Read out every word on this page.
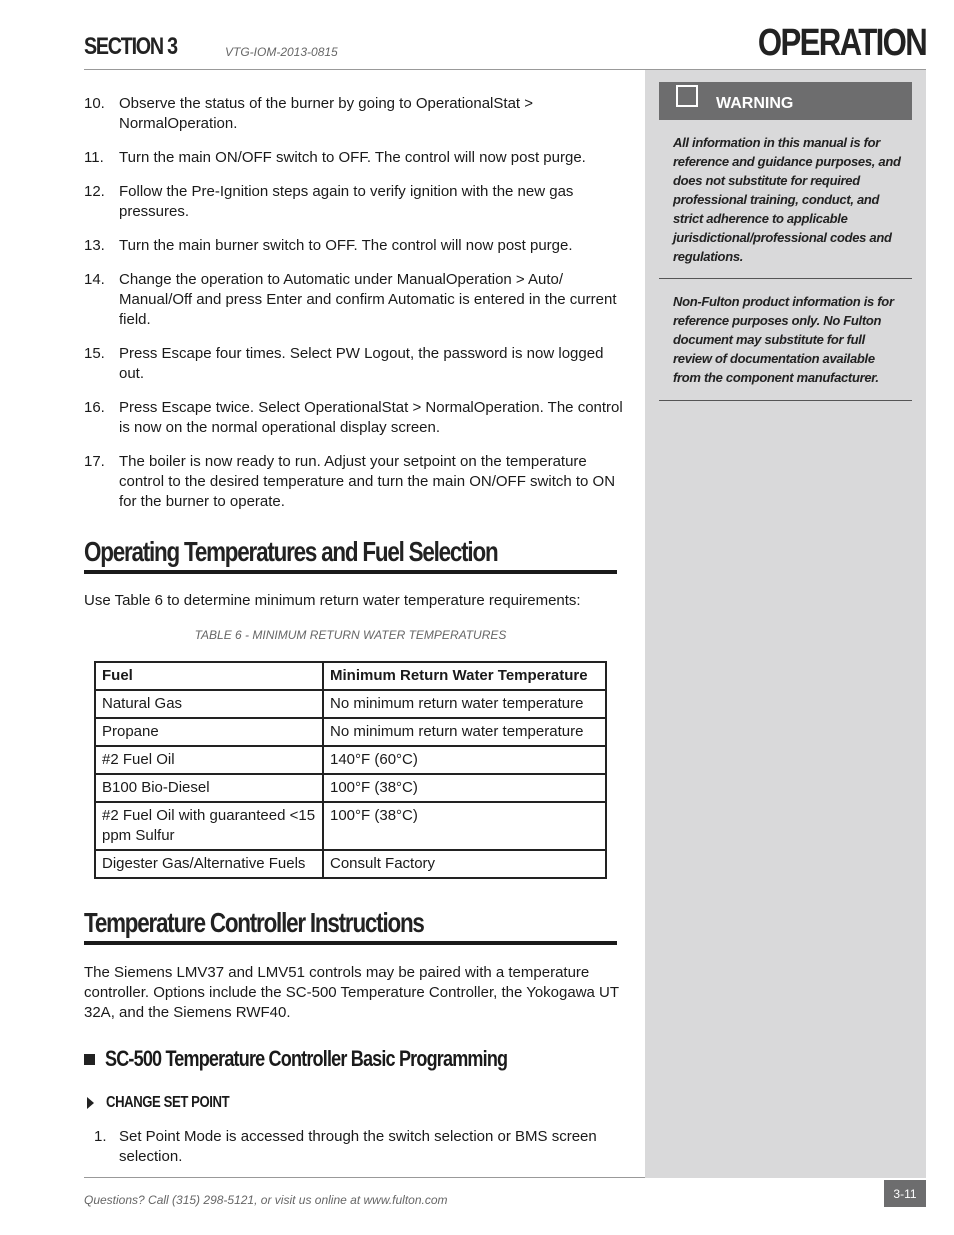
SECTION 3	VTG-IOM-2013-0815	OPERATION
WARNING
All information in this manual is for reference and guidance purposes, and does not substitute for required professional training, conduct, and strict adherence to applicable jurisdictional/professional codes and regulations.
Non-Fulton product information is for reference purposes only. No Fulton document may substitute for full review of documentation available from the component manufacturer.
10. Observe the status of the burner by going to OperationalStat > NormalOperation.
11.	Turn the main ON/OFF switch to OFF. The control will now post purge.
12. Follow the Pre-Ignition steps again to verify ignition with the new gas pressures.
13. Turn the main burner switch to OFF. The control will now post purge.
14. Change the operation to Automatic under ManualOperation > Auto/ Manual/Off and press Enter and confirm Automatic is entered in the current field.
15. Press Escape four times. Select PW Logout, the password is now logged out.
16. Press Escape twice. Select OperationalStat > NormalOperation. The control is now on the normal operational display screen.
17. The boiler is now ready to run. Adjust your setpoint on the temperature control to the desired temperature and turn the main ON/OFF switch to ON for the burner to operate.
Operating Temperatures and Fuel Selection
Use Table 6 to determine minimum return water temperature requirements:
TABLE 6 - MINIMUM RETURN WATER TEMPERATURES
Fuel	Minimum Return Water Temperature
Natural Gas	No minimum return water temperature
Propane	No minimum return water temperature
#2 Fuel Oil	140°F (60°C)
B100 Bio-Diesel	100°F (38°C)
#2 Fuel Oil with guaranteed <15 ppm Sulfur	100°F (38°C)
Digester Gas/Alternative Fuels	Consult Factory
Temperature Controller Instructions
The Siemens LMV37 and LMV51 controls may be paired with a temperature controller. Options include the SC-500 Temperature Controller, the Yokogawa UT 32A, and the Siemens RWF40.
SC-500 Temperature Controller Basic Programming
CHANGE SET POINT
1. Set Point Mode is accessed through the switch selection or BMS screen selection.
Questions? Call (315) 298-5121, or visit us online at www.fulton.com	3-11
